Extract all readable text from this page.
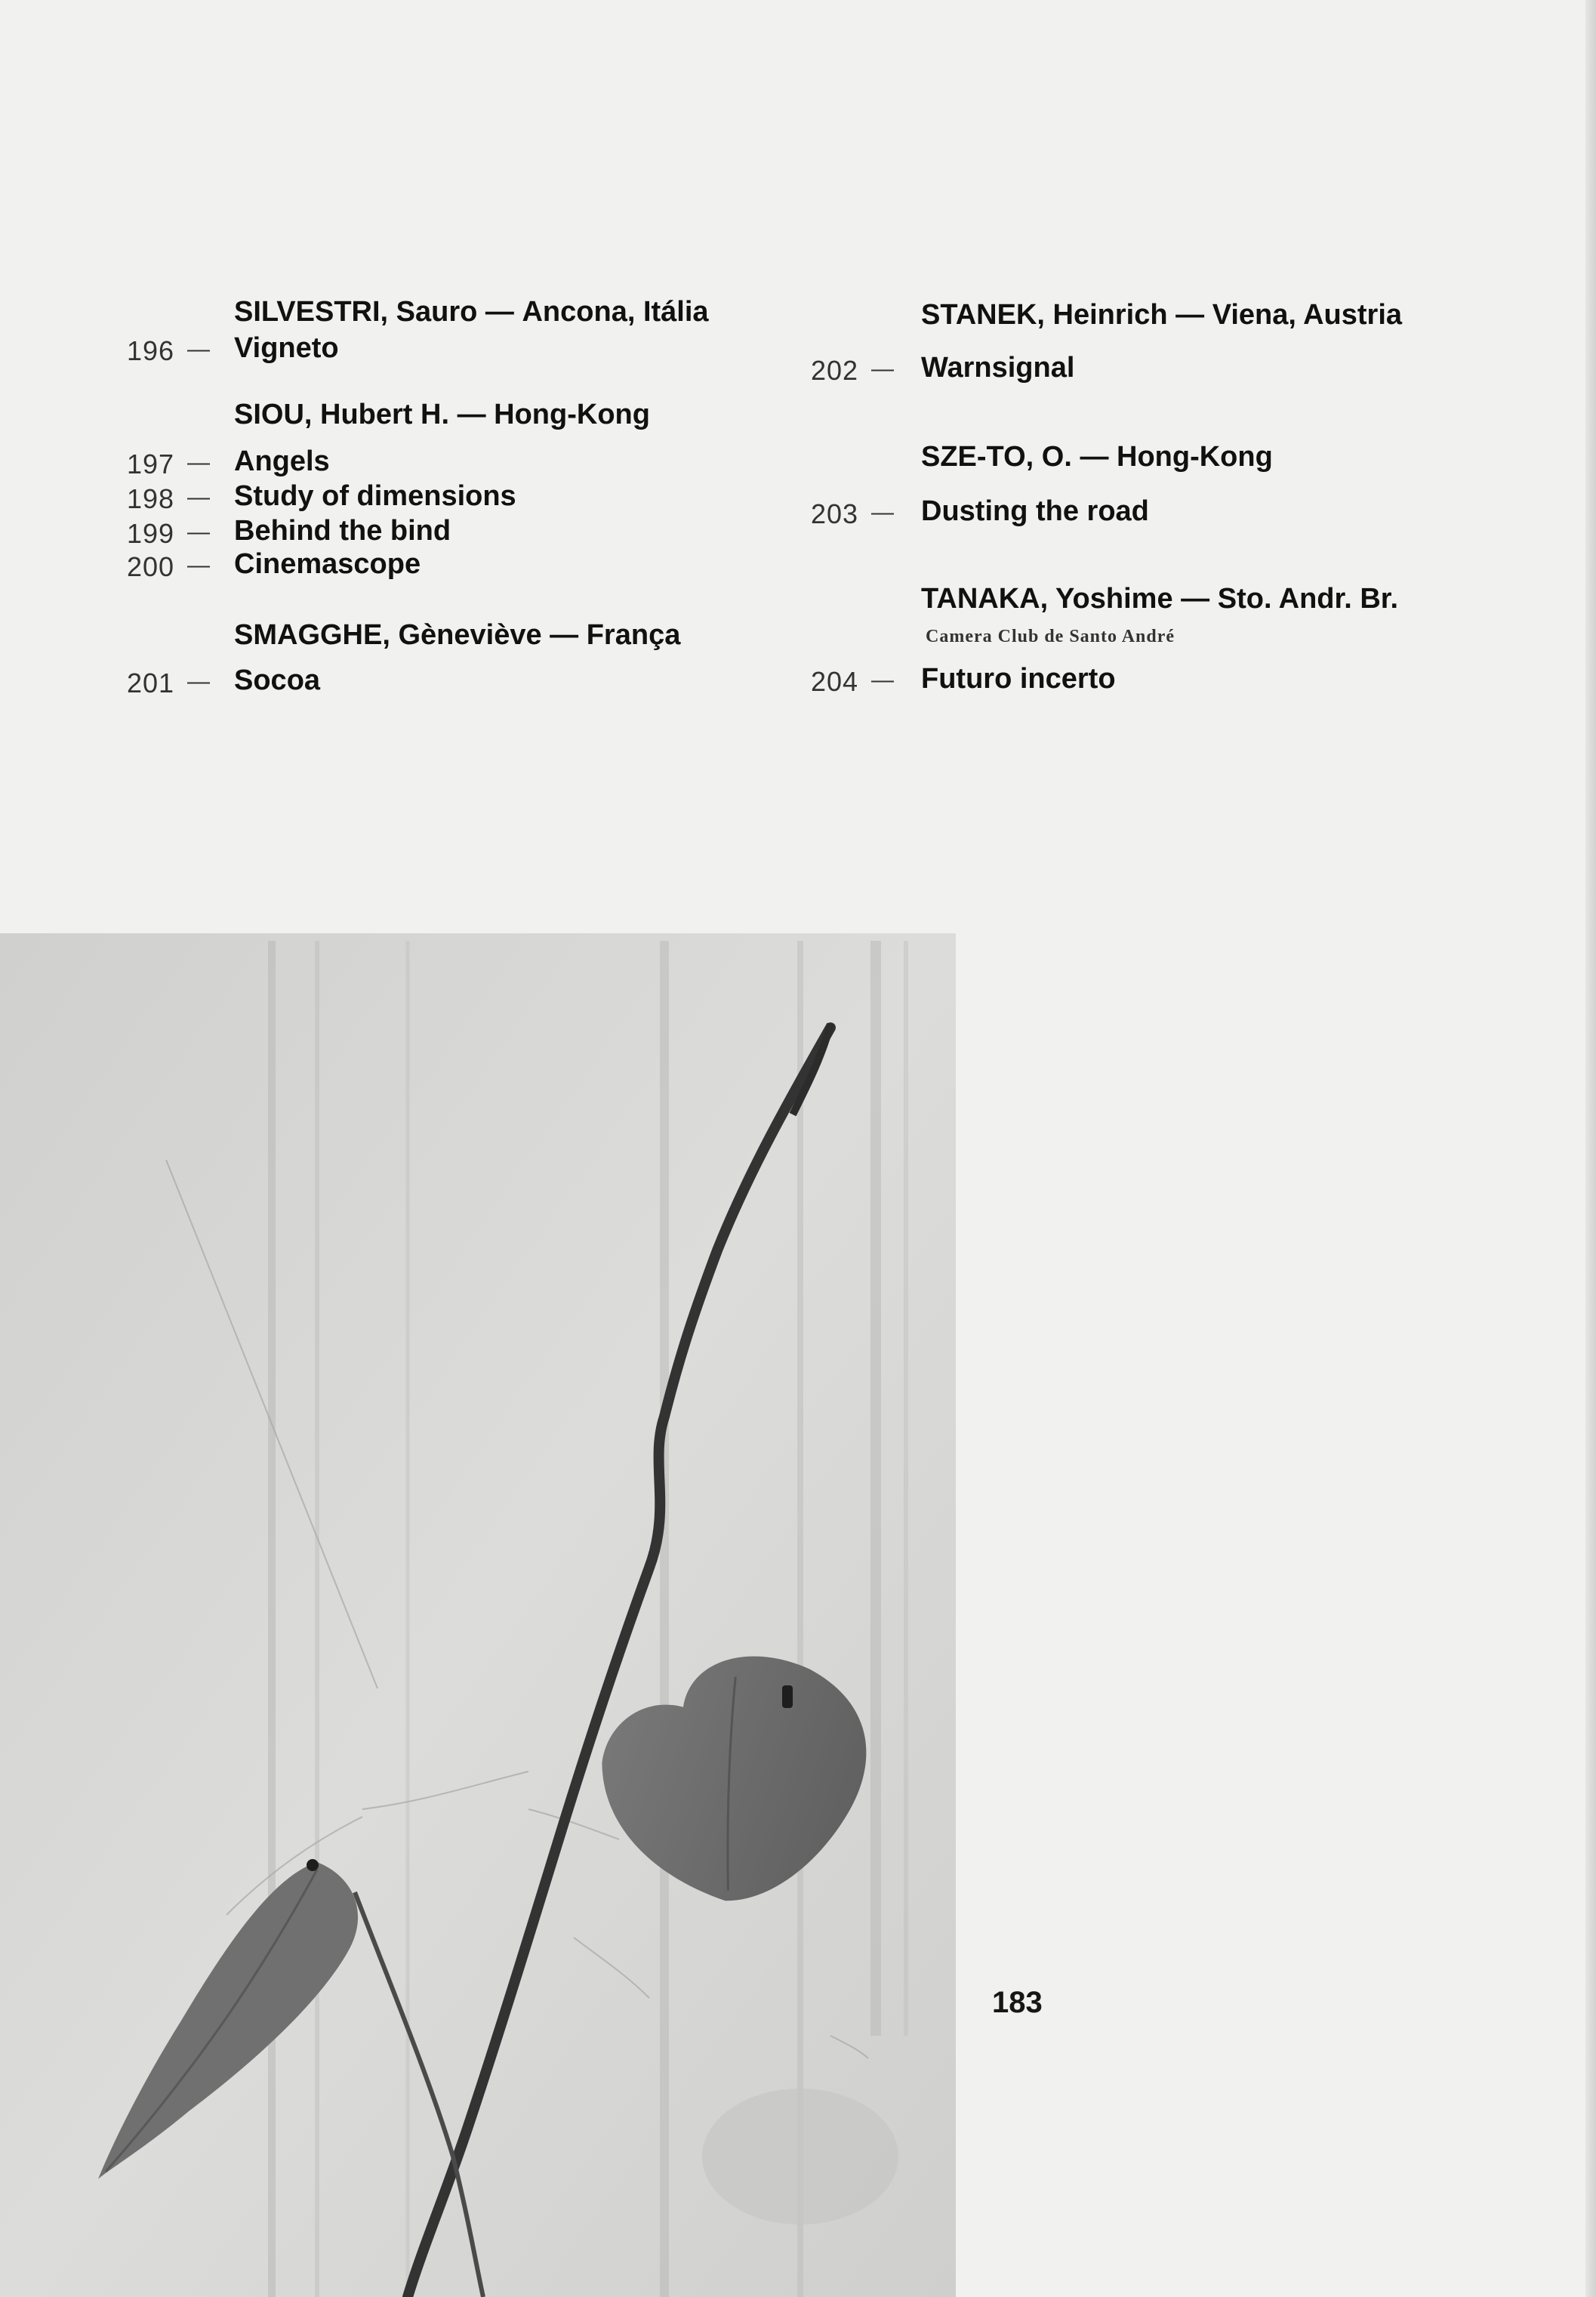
SILVESTRI, Sauro — Ancona, Itália
196 — Vigneto
SIOU, Hubert H. — Hong-Kong
197 — Angels
198 — Study of dimensions
199 — Behind the bind
200 — Cinemascope
SMAGGHE, Gèneviève — França
201 — Socoa
STANEK, Heinrich — Viena, Austria
202 — Warnsignal
SZE-TO, O. — Hong-Kong
203 — Dusting the road
TANAKA, Yoshime — Sto. Andr. Br.
Camera Club de Santo André
204 — Futuro incerto
183
